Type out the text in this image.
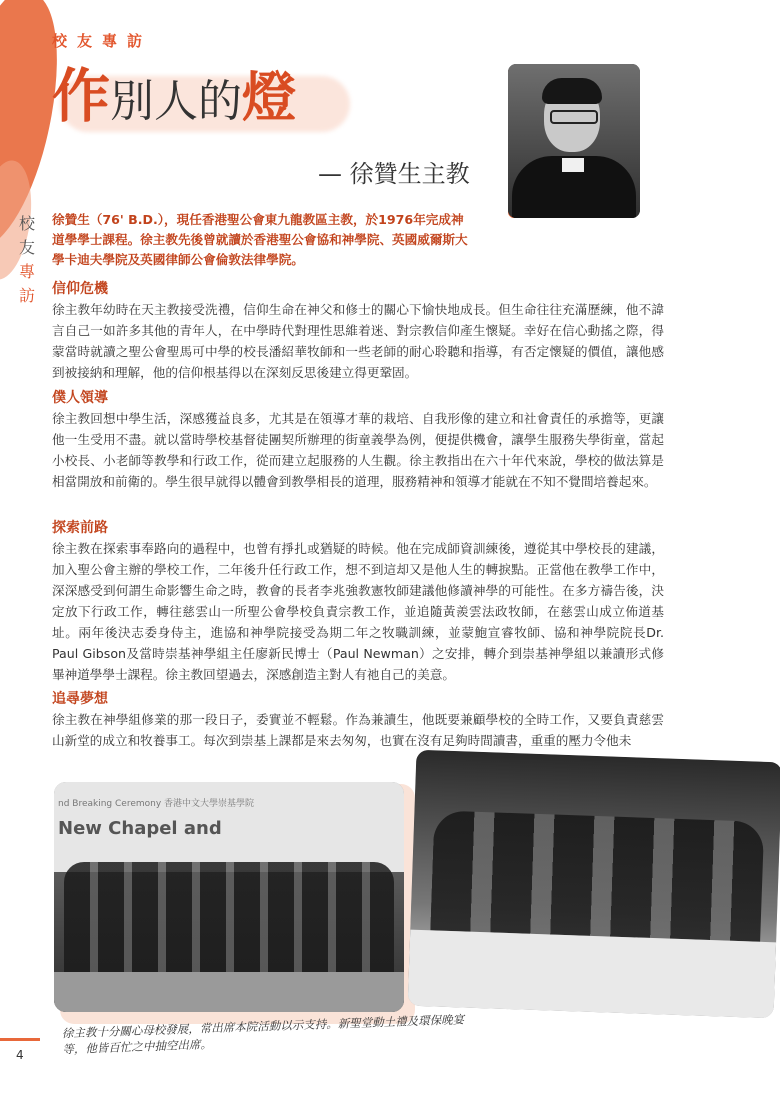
校友專訪
校
友
專
訪
作別人的燈
— 徐贊生主教
徐贊生（76' B.D.），現任香港聖公會東九龍教區主教，於1976年完成神道學學士課程。徐主教先後曾就讀於香港聖公會協和神學院、英國威爾斯大學卡迪夫學院及英國律師公會倫敦法律學院。
信仰危機
徐主教年幼時在天主教接受洗禮，信仰生命在神父和修士的關心下愉快地成長。但生命往往充滿歷練，他不諱言自己一如許多其他的青年人，在中學時代對理性思維着迷、對宗教信仰產生懷疑。幸好在信心動搖之際，得蒙當時就讀之聖公會聖馬可中學的校長潘紹華牧師和一些老師的耐心聆聽和指導，有否定懷疑的價值，讓他感到被接納和理解，他的信仰根基得以在深刻反思後建立得更鞏固。
僕人領導
徐主教回想中學生活，深感獲益良多，尤其是在領導才華的栽培、自我形像的建立和社會責任的承擔等，更讓他一生受用不盡。就以當時學校基督徒團契所辦理的街童義學為例，便提供機會，讓學生服務失學街童，當起小校長、小老師等教學和行政工作，從而建立起服務的人生觀。徐主教指出在六十年代來說，學校的做法算是相當開放和前衛的。學生很早就得以體會到教學相長的道理，服務精神和領導才能就在不知不覺間培養起來。
探索前路
徐主教在探索事奉路向的過程中，也曾有掙扎或猶疑的時候。他在完成師資訓練後，遵從其中學校長的建議，加入聖公會主辦的學校工作，二年後升任行政工作，想不到這却又是他人生的轉捩點。正當他在教學工作中，深深感受到何謂生命影響生命之時，教會的長者李兆強教憲牧師建議他修讀神學的可能性。在多方禱告後，決定放下行政工作，轉往慈雲山一所聖公會學校負責宗教工作，並追隨黃羨雲法政牧師，在慈雲山成立佈道基址。兩年後決志委身侍主，進協和神學院接受為期二年之牧職訓練，並蒙鮑宣睿牧師、協和神學院院長Dr. Paul Gibson及當時崇基神學組主任廖新民博士（Paul Newman）之安排，轉介到崇基神學組以兼讀形式修畢神道學學士課程。徐主教回望過去，深感創造主對人有祂自己的美意。
追尋夢想
徐主教在神學組修業的那一段日子，委實並不輕鬆。作為兼讀生，他既要兼顧學校的全時工作，又要負責慈雲山新堂的成立和牧養事工。每次到崇基上課都是來去匆匆，也實在沒有足夠時間讀書，重重的壓力令他未
nd Breaking Ceremony 香港中文大學崇基學院
New Chapel and
徐主教十分關心母校發展，常出席本院活動以示支持。新聖堂動土禮及環保晚宴等，他皆百忙之中抽空出席。
4
